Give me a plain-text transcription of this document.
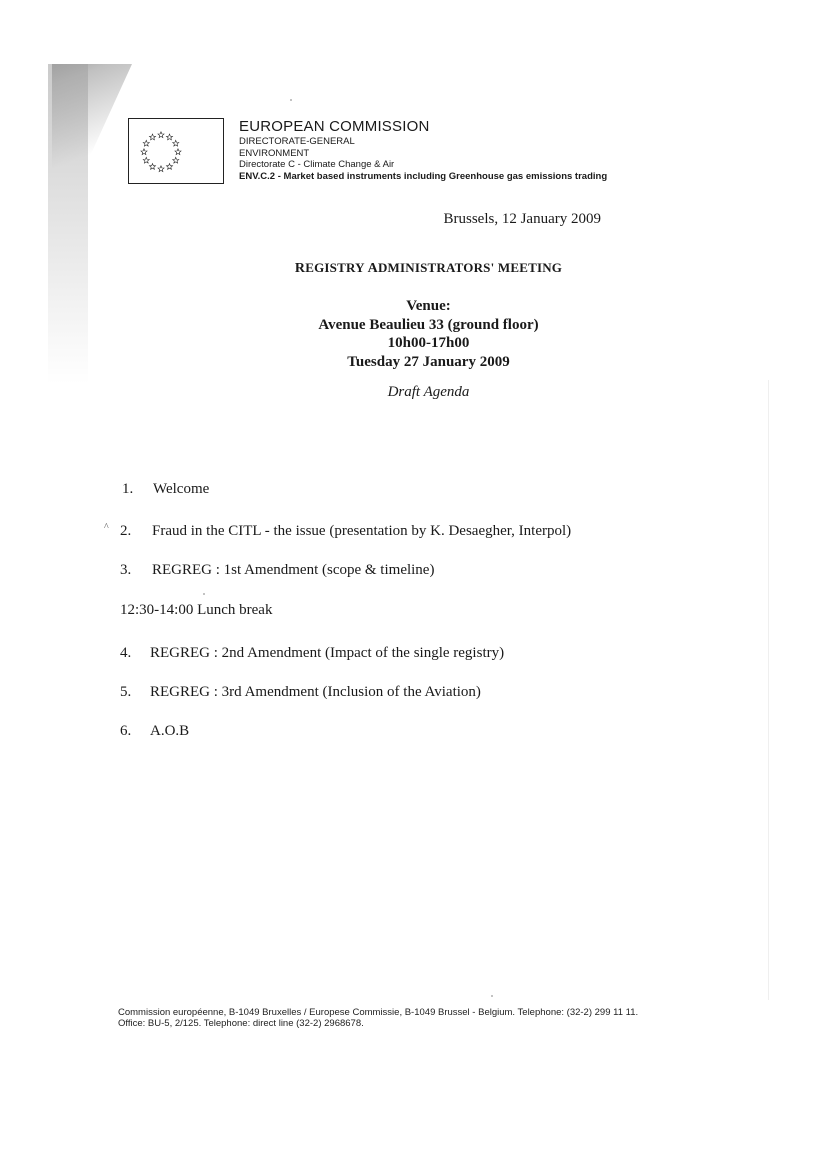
EUROPEAN COMMISSION
DIRECTORATE-GENERAL
ENVIRONMENT
Directorate C - Climate Change & Air
ENV.C.2 - Market based instruments including Greenhouse gas emissions trading
Brussels, 12 January 2009
REGISTRY ADMINISTRATORS' MEETING
Venue:
Avenue Beaulieu 33 (ground floor)
10h00-17h00
Tuesday 27 January 2009
Draft Agenda
^
1. Welcome
2. Fraud in the CITL - the issue (presentation by K. Desaegher, Interpol)
3. REGREG : 1st Amendment (scope & timeline)
12:30-14:00 Lunch break
4. REGREG : 2nd Amendment (Impact of the single registry)
5. REGREG : 3rd Amendment (Inclusion of the Aviation)
6. A.O.B
Commission européenne, B-1049 Bruxelles / Europese Commissie, B-1049 Brussel - Belgium. Telephone: (32-2) 299 11 11.
Office: BU-5, 2/125. Telephone: direct line (32-2) 2968678.
